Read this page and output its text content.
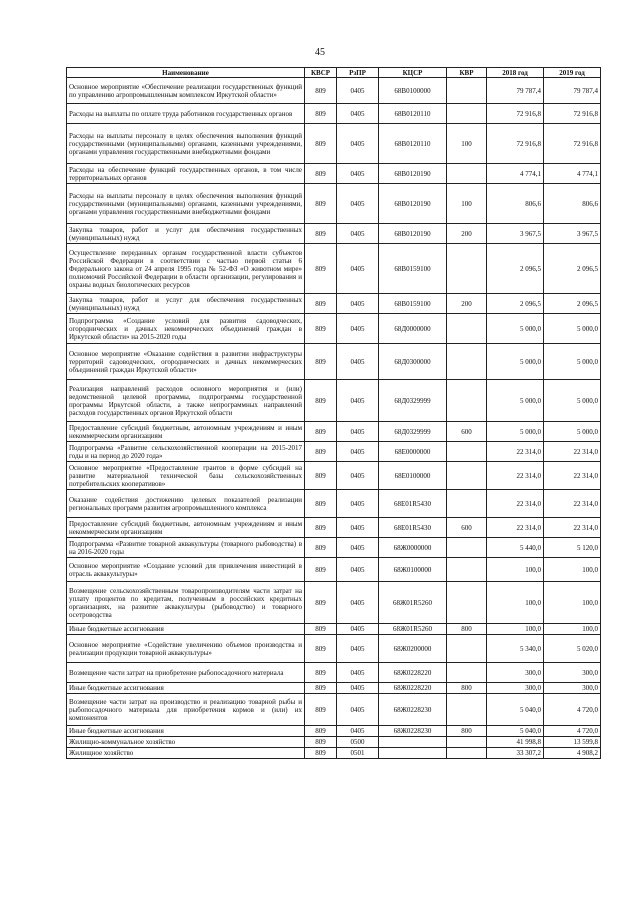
45
Наименование	КВСР	РзПР	КЦСР	КВР	2018 год	2019 год
Основное мероприятие «Обеспечение реализации государственных функций по управлению агропромышленным комплексом Иркутской области»	809	0405	68В0100000		79 787,4	79 787,4
Расходы на выплаты по оплате труда работников государственных органов	809	0405	68В0120110		72 916,8	72 916,8
Расходы на выплаты персоналу в целях обеспечения выполнения функций государственными (муниципальными) органами, казенными учреждениями, органами управления государственными внебюджетными фондами	809	0405	68В0120110	100	72 916,8	72 916,8
Расходы на обеспечение функций государственных органов, в том числе территориальных органов	809	0405	68В0120190		4 774,1	4 774,1
Расходы на выплаты персоналу в целях обеспечения выполнения функций государственными (муниципальными) органами, казенными учреждениями, органами управления государственными внебюджетными фондами	809	0405	68В0120190	100	806,6	806,6
Закупка товаров, работ и услуг для обеспечения государственных (муниципальных) нужд	809	0405	68В0120190	200	3 967,5	3 967,5
Осуществление переданных органам государственной власти субъектов Российской Федерации в соответствии с частью первой статьи 6 Федерального закона от 24 апреля 1995 года № 52-ФЗ «О животном мире» полномочий Российской Федерации в области организации, регулирования и охраны водных биологических ресурсов	809	0405	68В0159100		2 096,5	2 096,5
Закупка товаров, работ и услуг для обеспечения государственных (муниципальных) нужд	809	0405	68В0159100	200	2 096,5	2 096,5
Подпрограмма «Создание условий для развития садоводческих, огороднических и дачных некоммерческих объединений граждан в Иркутской области» на 2015-2020 годы	809	0405	68Д0000000		5 000,0	5 000,0
Основное мероприятие «Оказание содействия в развитии инфраструктуры территорий садоводческих, огороднических и дачных некоммерческих объединений граждан Иркутской области»	809	0405	68Д0300000		5 000,0	5 000,0
Реализация направлений расходов основного мероприятия и (или) ведомственной целевой программы, подпрограммы государственной программы Иркутской области, а также непрограммных направлений расходов государственных органов Иркутской области	809	0405	68Д0329999		5 000,0	5 000,0
Предоставление субсидий бюджетным, автономным учреждениям и иным некоммерческим организациям	809	0405	68Д0329999	600	5 000,0	5 000,0
Подпрограмма «Развитие сельскохозяйственной кооперации на 2015-2017 годы и на период до 2020 года»	809	0405	68Е0000000		22 314,0	22 314,0
Основное мероприятие «Предоставление грантов в форме субсидий на развитие материальной технической базы сельскохозяйственных потребительских кооперативов»	809	0405	68Е0100000		22 314,0	22 314,0
Оказание содействия достижению целевых показателей реализации региональных программ развития агропромышленного комплекса	809	0405	68Е01R5430		22 314,0	22 314,0
Предоставление субсидий бюджетным, автономным учреждениям и иным некоммерческим организациям	809	0405	68Е01R5430	600	22 314,0	22 314,0
Подпрограмма «Развитие товарной аквакультуры (товарного рыбоводства) в на 2016-2020 годы	809	0405	68Ж0000000		5 440,0	5 120,0
Основное мероприятие «Создание условий для привлечения инвестиций в отрасль аквакультуры»	809	0405	68Ж0100000		100,0	100,0
Возмещение сельскохозяйственным товаропроизводителям части затрат на уплату процентов по кредитам, полученным в российских кредитных организациях, на развитие аквакультуры (рыбоводство) и товарного осетроводства	809	0405	68Ж01R5260		100,0	100,0
Иные бюджетные ассигнования	809	0405	68Ж01R5260	800	100,0	100,0
Основное мероприятие «Содействие увеличению объемов производства и реализации продукции товарной аквакультуры»	809	0405	68Ж0200000		5 340,0	5 020,0
Возмещение части затрат на приобретение рыбопосадочного материала	809	0405	68Ж0228220		300,0	300,0
Иные бюджетные ассигнования	809	0405	68Ж0228220	800	300,0	300,0
Возмещение части затрат на производство и реализацию товарной рыбы и рыбопосадочного материала для приобретения кормов и (или) их компонентов	809	0405	68Ж0228230		5 040,0	4 720,0
Иные бюджетные ассигнования	809	0405	68Ж0228230	800	5 040,0	4 720,0
Жилищно-коммунальное хозяйство	809	0500			41 998,8	13 599,8
Жилищное хозяйство	809	0501			33 307,2	4 908,2
